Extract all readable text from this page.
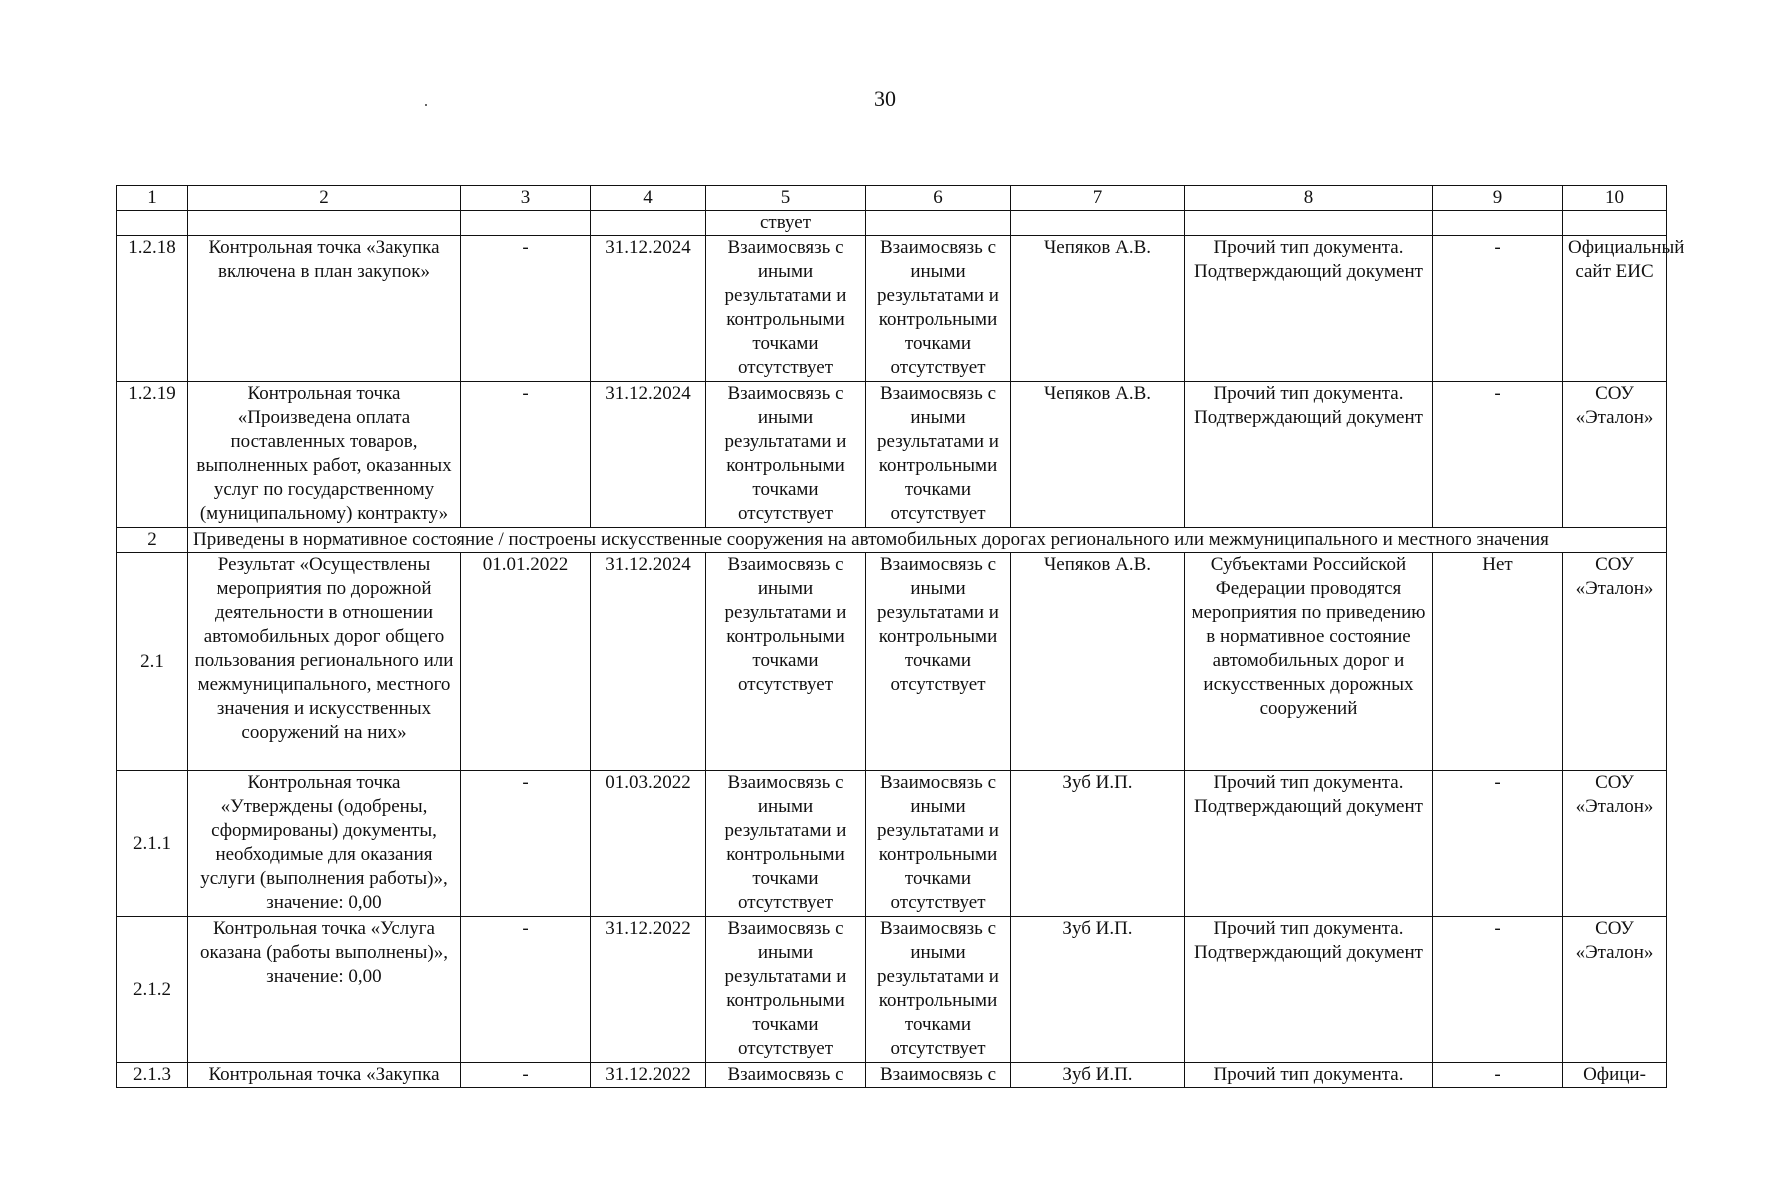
30
1	2	3	4	5	6	7	8	9	10
				ствует					
1.2.18	Контрольная точка «Закупка включена в план закупок»	-	31.12.2024	Взаимосвязь с иными результатами и контрольными точками отсутствует	Взаимосвязь с иными результатами и контрольными точками отсутствует	Чепяков А.В.	Прочий тип документа. Подтверждающий документ	-	Официальный сайт ЕИС
1.2.19	Контрольная точка «Произведена оплата поставленных товаров, выполненных работ, оказанных услуг по государственному (муниципальному) контракту»	-	31.12.2024	Взаимосвязь с иными результатами и контрольными точками отсутствует	Взаимосвязь с иными результатами и контрольными точками отсутствует	Чепяков А.В.	Прочий тип документа. Подтверждающий документ	-	СОУ «Эталон»
2	Приведены в нормативное состояние / построены искусственные сооружения на автомобильных дорогах регионального или межмуниципального и местного значения								
2.1	Результат «Осуществлены мероприятия по дорожной деятельности в отношении автомобильных дорог общего пользования регионального или межмуниципального, местного значения и искусственных сооружений на них»	01.01.2022	31.12.2024	Взаимосвязь с иными результатами и контрольными точками отсутствует	Взаимосвязь с иными результатами и контрольными точками отсутствует	Чепяков А.В.	Субъектами Российской Федерации проводятся мероприятия по приведению в нормативное состояние автомобильных дорог и искусственных дорожных сооружений	Нет	СОУ «Эталон»
2.1.1	Контрольная точка «Утверждены (одобрены, сформированы) документы, необходимые для оказания услуги (выполнения работы)», значение: 0,00	-	01.03.2022	Взаимосвязь с иными результатами и контрольными точками отсутствует	Взаимосвязь с иными результатами и контрольными точками отсутствует	Зуб И.П.	Прочий тип документа. Подтверждающий документ	-	СОУ «Эталон»
2.1.2	Контрольная точка «Услуга оказана (работы выполнены)», значение: 0,00	-	31.12.2022	Взаимосвязь с иными результатами и контрольными точками отсутствует	Взаимосвязь с иными результатами и контрольными точками отсутствует	Зуб И.П.	Прочий тип документа. Подтверждающий документ	-	СОУ «Эталон»
2.1.3	Контрольная точка «Закупка	-	31.12.2022	Взаимосвязь с	Взаимосвязь с	Зуб И.П.	Прочий тип документа.	-	Офици-
